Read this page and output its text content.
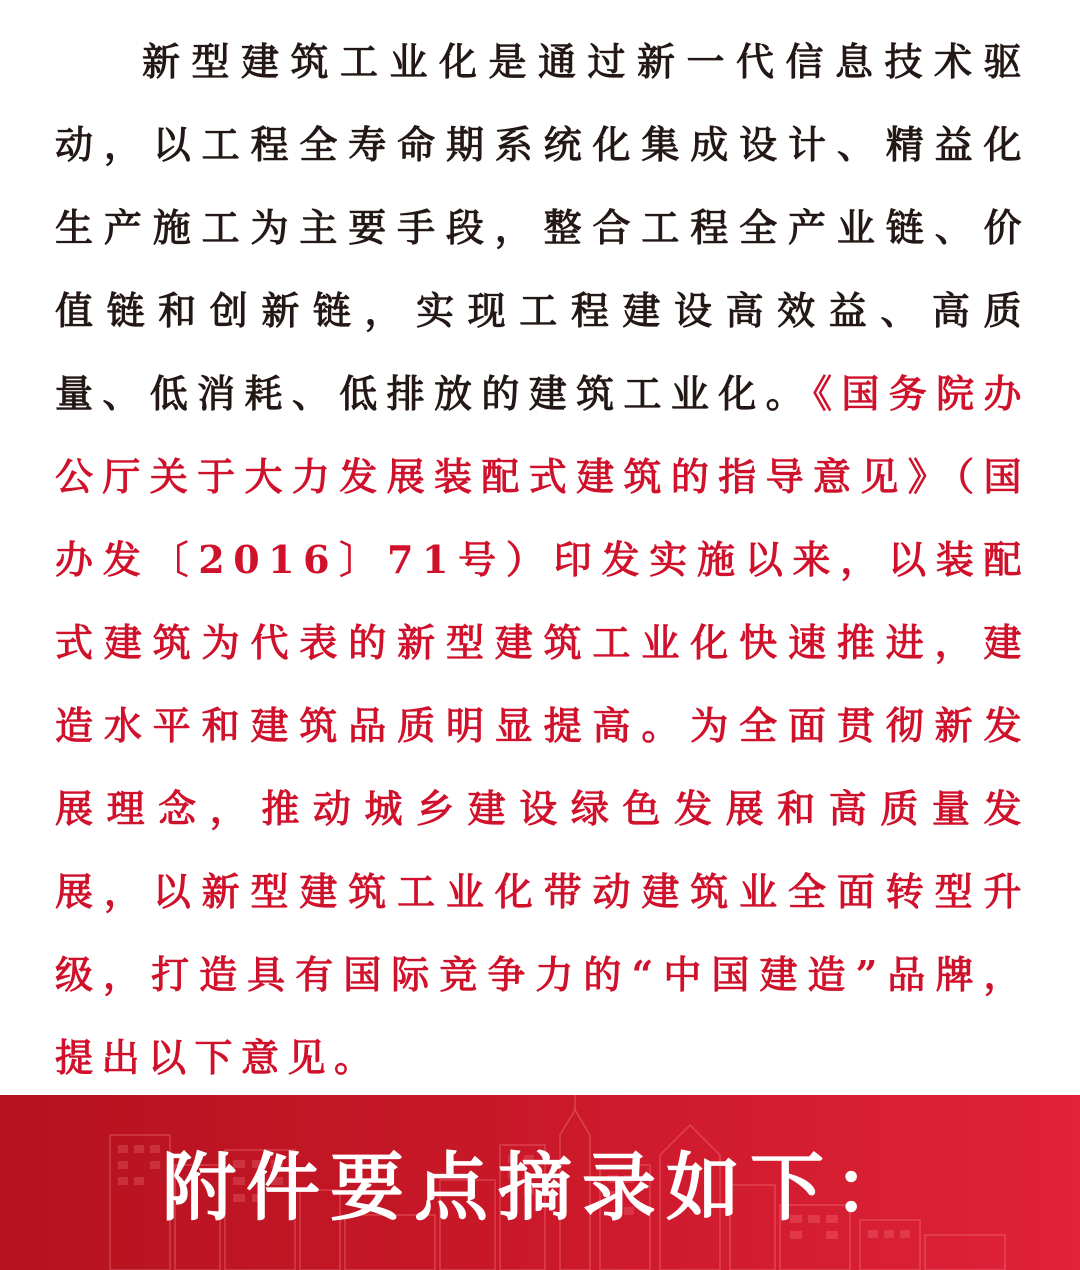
新型建筑工业化是通过新一代信息技术驱动，以工程全寿命期系统化集成设计、精益化生产施工为主要手段，整合工程全产业链、价值链和创新链，实现工程建设高效益、高质量、低消耗、低排放的建筑工业化。《国务院办公厅关于大力发展装配式建筑的指导意见》（国办发〔2016〕71号）印发实施以来，以装配式建筑为代表的新型建筑工业化快速推进，建造水平和建筑品质明显提高。为全面贯彻新发展理念，推动城乡建设绿色发展和高质量发展，以新型建筑工业化带动建筑业全面转型升级，打造具有国际竞争力的“中国建造”品牌，提出以下意见。

附件要点摘录如下：
